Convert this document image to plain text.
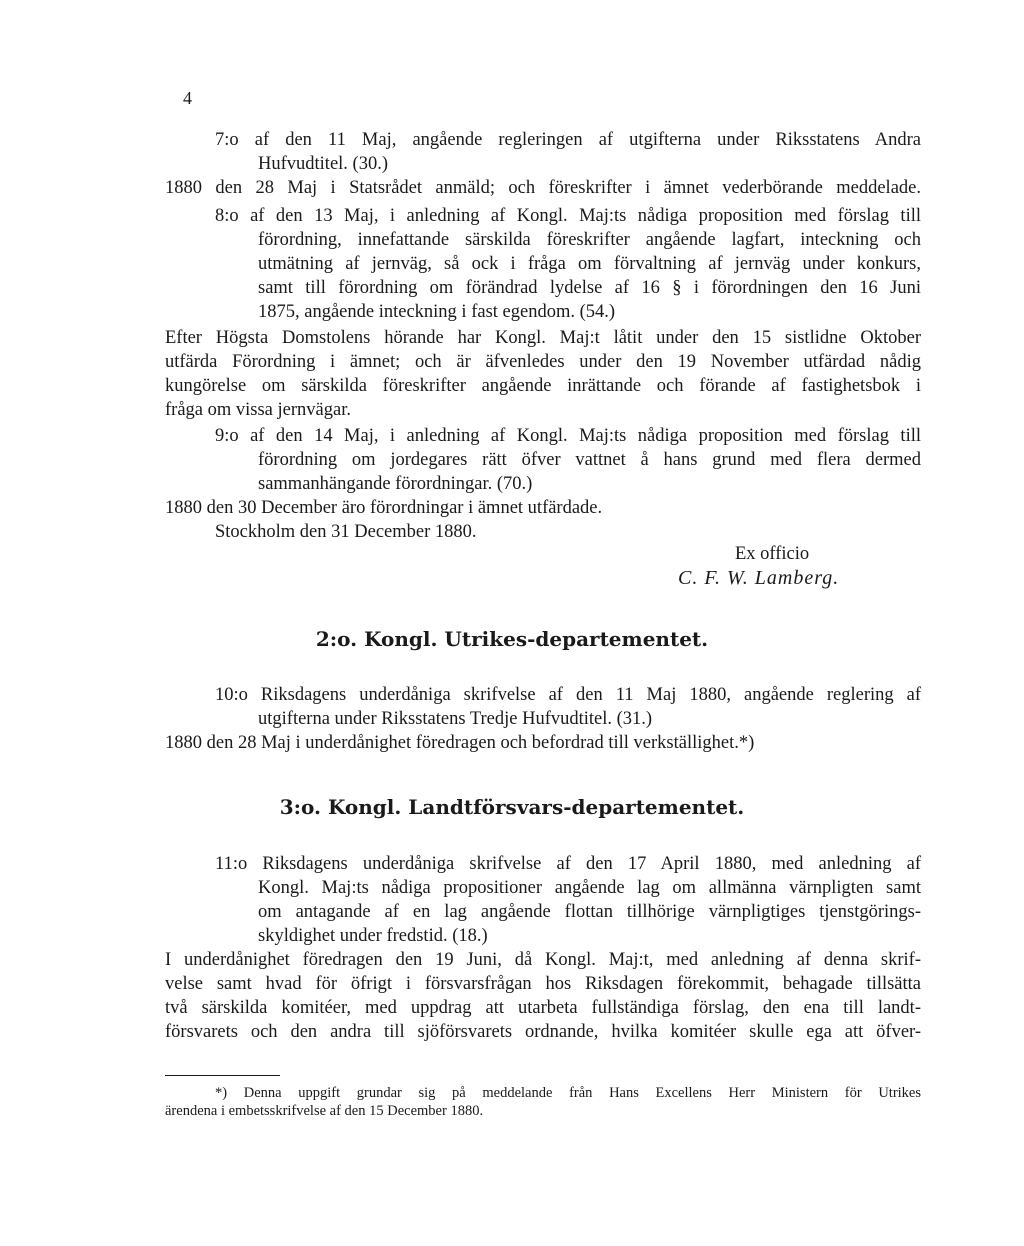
4

7:o af den 11 Maj, angående regleringen af utgifterna under Riksstatens Andra

Hufvudtitel. (30.)

1880 den 28 Maj i Statsrådet anmäld; och föreskrifter i ämnet vederbörande meddelade.

8:o af den 13 Maj, i anledning af Kongl. Maj:ts nådiga proposition med förslag till

förordning, innefattande särskilda föreskrifter angående lagfart, inteckning och

utmätning af jernväg, så ock i fråga om förvaltning af jernväg under konkurs,

samt till förordning om förändrad lydelse af 16 § i förordningen den 16 Juni

1875, angående inteckning i fast egendom. (54.)

Efter Högsta Domstolens hörande har Kongl. Maj:t låtit under den 15 sistlidne Oktober

utfärda Förordning i ämnet; och är äfvenledes under den 19 November utfärdad nådig

kungörelse om särskilda föreskrifter angående inrättande och förande af fastighetsbok i

fråga om vissa jernvägar.

9:o af den 14 Maj, i anledning af Kongl. Maj:ts nådiga proposition med förslag till

förordning om jordegares rätt öfver vattnet å hans grund med flera dermed

sammanhängande förordningar. (70.)

1880 den 30 December äro förordningar i ämnet utfärdade.

Stockholm den 31 December 1880.

Ex officio

C. F. W. Lamberg.

2:o. Kongl. Utrikes-departementet.

10:o Riksdagens underdåniga skrifvelse af den 11 Maj 1880, angående reglering af

utgifterna under Riksstatens Tredje Hufvudtitel. (31.)

1880 den 28 Maj i underdånighet föredragen och befordrad till verkställighet.*)

3:o. Kongl. Landtförsvars-departementet.

11:o Riksdagens underdåniga skrifvelse af den 17 April 1880, med anledning af

Kongl. Maj:ts nådiga propositioner angående lag om allmänna värnpligten samt

om antagande af en lag angående flottan tillhörige värnpligtiges tjenstgörings-

skyldighet under fredstid. (18.)

I underdånighet föredragen den 19 Juni, då Kongl. Maj:t, med anledning af denna skrif-

velse samt hvad för öfrigt i försvarsfrågan hos Riksdagen förekommit, behagade tillsätta

två särskilda komitéer, med uppdrag att utarbeta fullständiga förslag, den ena till landt-

försvarets och den andra till sjöförsvarets ordnande, hvilka komitéer skulle ega att öfver-

*) Denna uppgift grundar sig på meddelande från Hans Excellens Herr Ministern för Utrikes

ärendena i embetsskrifvelse af den 15 December 1880.
